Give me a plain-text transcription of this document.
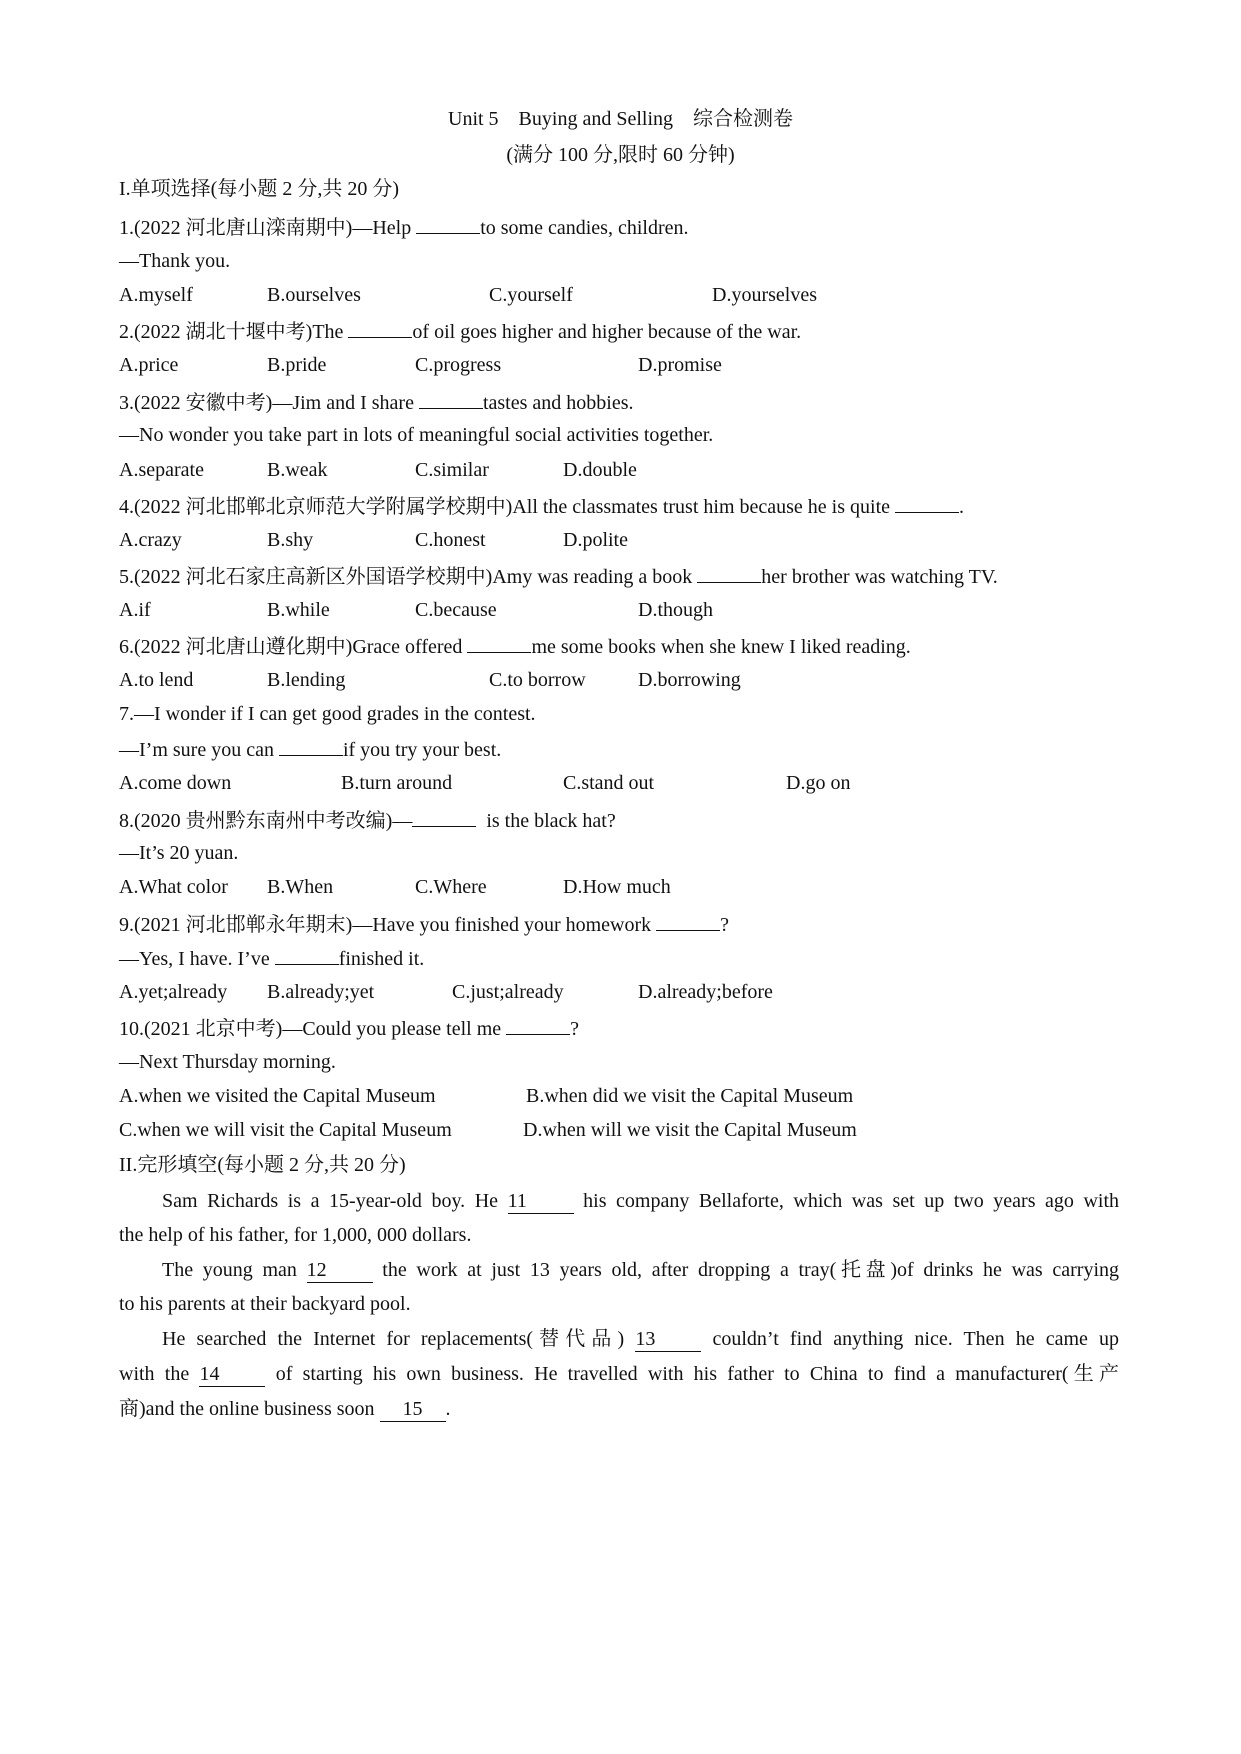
Unit 5    Buying and Selling    综合检测卷
(满分 100 分,限时 60 分钟)
I.单项选择(每小题 2 分,共 20 分)
1.(2022 河北唐山滦南期中)—Help	to some candies, children.
—Thank you.
A.myself	B.ourselves	C.yourself	D.yourselves
2.(2022 湖北十堰中考)The	of oil goes higher and higher because of the war.
A.price	B.pride	C.progress	D.promise
3.(2022 安徽中考)—Jim and I share	tastes and hobbies.
—No wonder you take part in lots of meaningful social activities together.
A.separate	B.weak	C.similar	D.double
4.(2022 河北邯郸北京师范大学附属学校期中)All the classmates trust him because he is quite	.
A.crazy	B.shy	C.honest	D.polite
5.(2022 河北石家庄高新区外国语学校期中)Amy was reading a book	her brother was watching TV.
A.if	B.while	C.because	D.though
6.(2022 河北唐山遵化期中)Grace offered	me some books when she knew I liked reading.
A.to lend	B.lending	C.to borrow	D.borrowing
7.—I wonder if I can get good grades in the contest.
—I’m sure you can	if you try your best.
A.come down	B.turn around	C.stand out	D.go on
8.(2020 贵州黔东南州中考改编)—	is the black hat?
—It’s 20 yuan.
A.What color B.When	C.Where	D.How much
9.(2021 河北邯郸永年期末)—Have you finished your homework	?
—Yes, I have. I’ve	finished it.
A.yet;already B.already;yet	C.just;already	D.already;before
10.(2021 北京中考)—Could you please tell me	?
—Next Thursday morning.
A.when we visited the Capital Museum	B.when did we visit the Capital Museum
C.when we will visit the Capital Museum	D.when will we visit the Capital Museum
II.完形填空(每小题 2 分,共 20 分)
Sam Richards is a 15-year-old boy. He 11	his company Bellaforte, which was set up two years ago with
the help of his father, for 1,000, 000 dollars.
The young man 12	the work at just 13 years old, after dropping a tray(托盘)of drinks he was carrying
to his parents at their backyard pool.
He searched the Internet for replacements(替代品) 13	couldn’t find anything nice. Then he came up
with the 14	of starting his own business. He travelled with his father to China to find a manufacturer(生产
商)and the online business soon 15 .
